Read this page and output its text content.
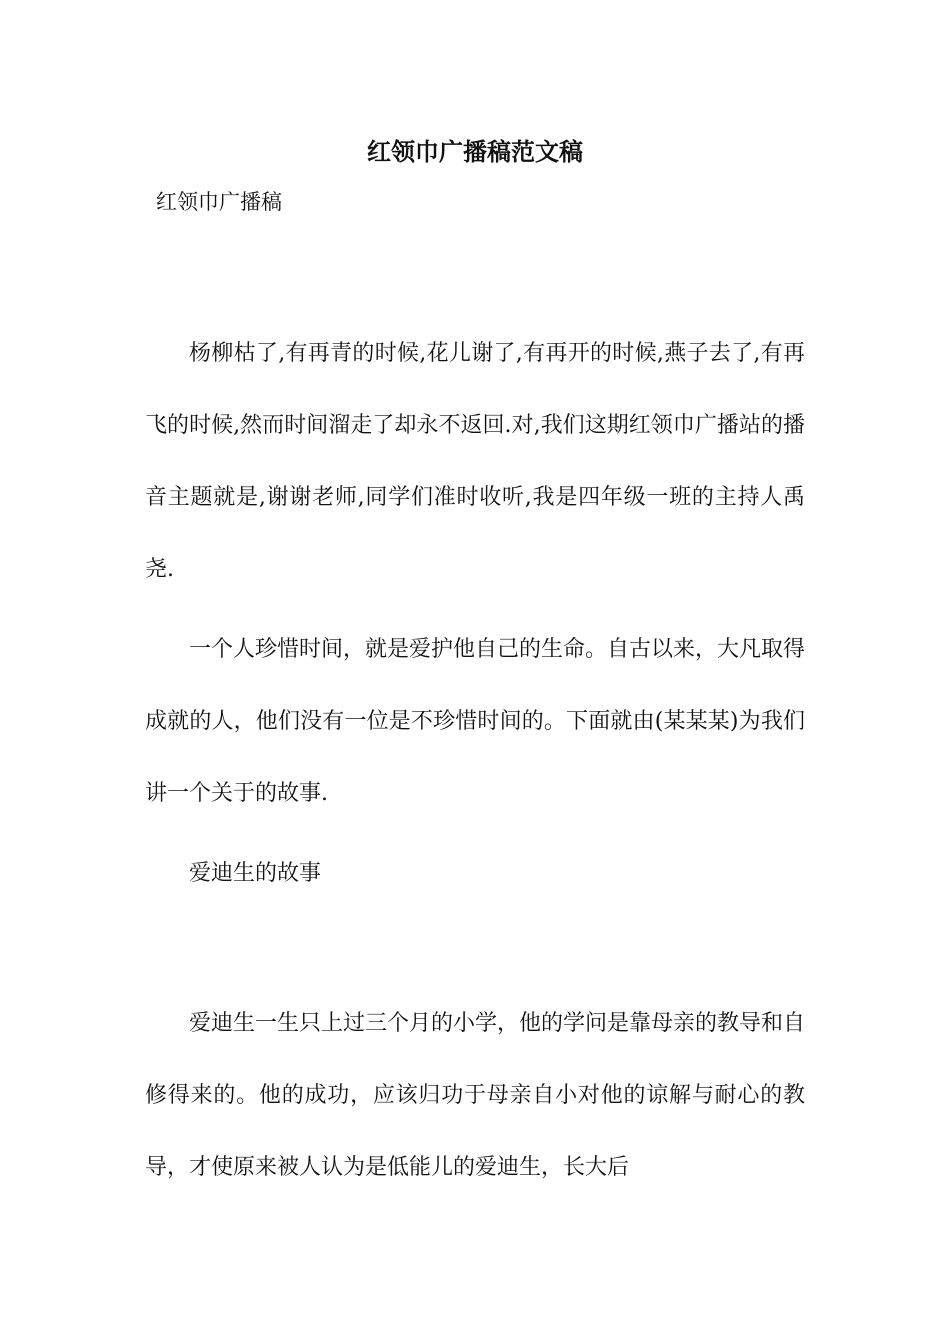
红领巾广播稿范文稿

红领巾广播稿

杨柳枯了,有再青的时候,花儿谢了,有再开的时候,燕子去了,有再飞的时候,然而时间溜走了却永不返回.对,我们这期红领巾广播站的播音主题就是,谢谢老师,同学们准时收听,我是四年级一班的主持人禹尧.

一个人珍惜时间，就是爱护他自己的生命。自古以来，大凡取得成就的人，他们没有一位是不珍惜时间的。下面就由(某某某)为我们讲一个关于的故事.

爱迪生的故事

爱迪生一生只上过三个月的小学，他的学问是靠母亲的教导和自修得来的。他的成功，应该归功于母亲自小对他的谅解与耐心的教导，才使原来被人认为是低能儿的爱迪生，长大后
